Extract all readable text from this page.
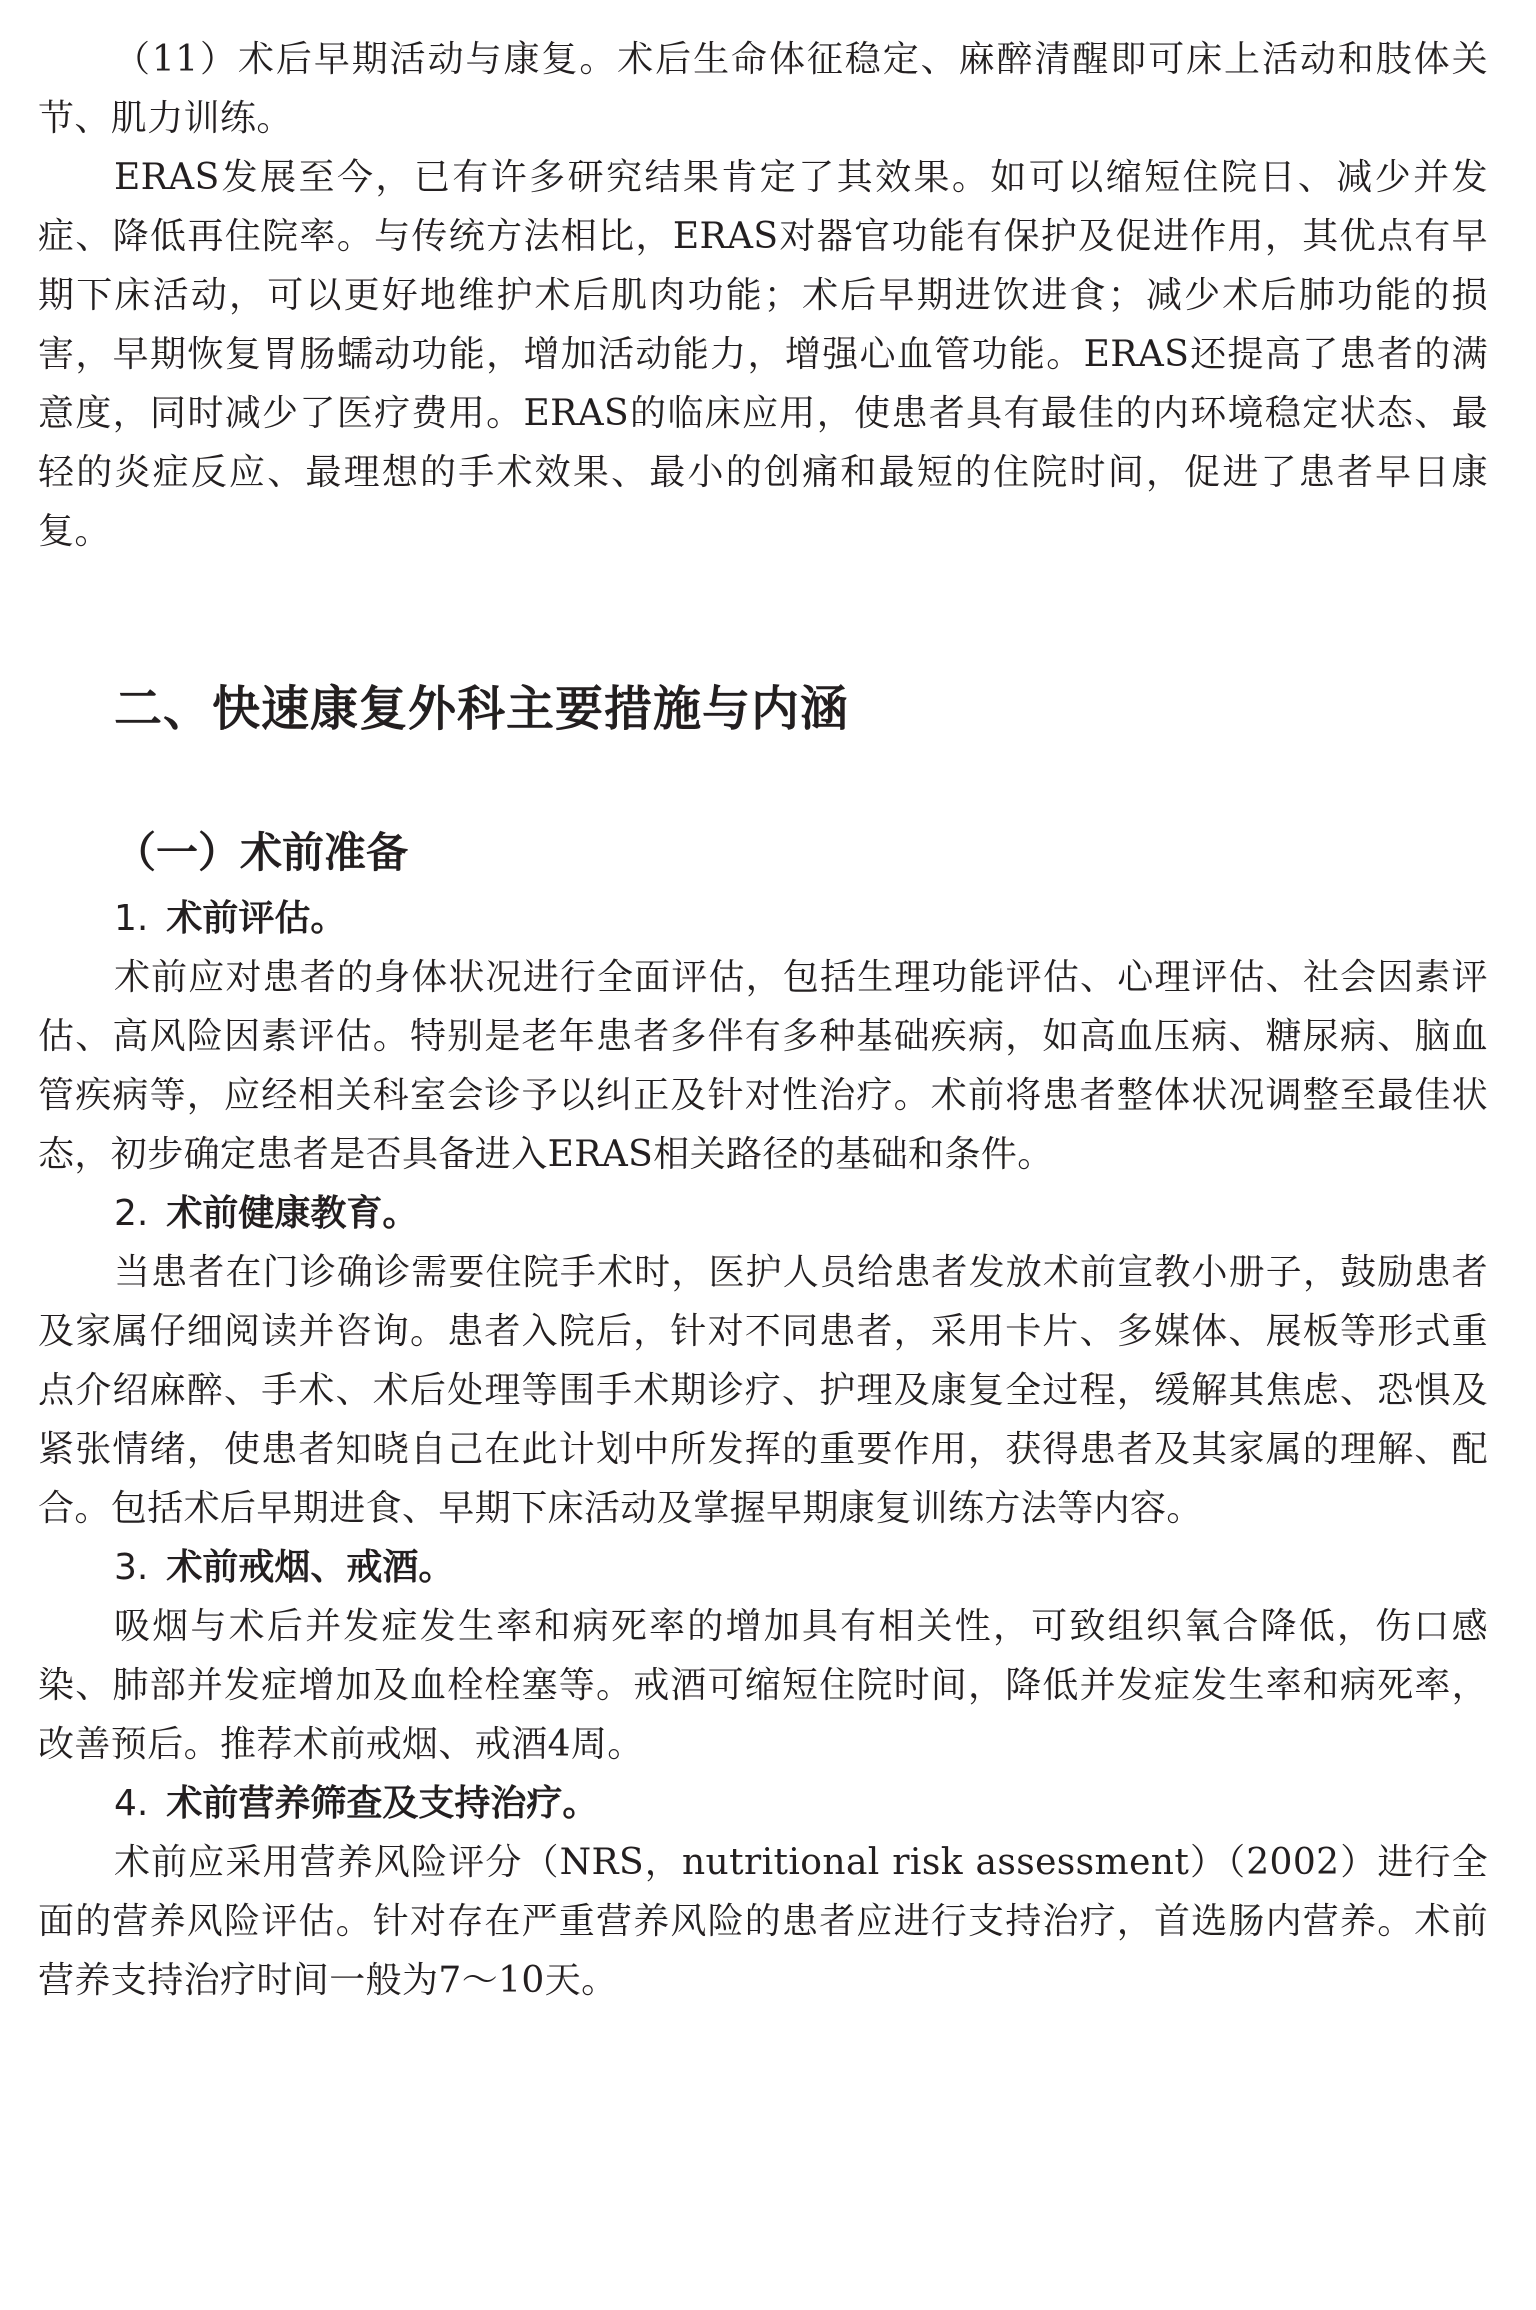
（11）术后早期活动与康复。术后生命体征稳定、麻醉清醒即可床上活动和肢体关节、肌力训练。

ERAS发展至今，已有许多研究结果肯定了其效果。如可以缩短住院日、减少并发症、降低再住院率。与传统方法相比，ERAS对器官功能有保护及促进作用，其优点有早期下床活动，可以更好地维护术后肌肉功能；术后早期进饮进食；减少术后肺功能的损害，早期恢复胃肠蠕动功能，增加活动能力，增强心血管功能。ERAS还提高了患者的满意度，同时减少了医疗费用。ERAS的临床应用，使患者具有最佳的内环境稳定状态、最轻的炎症反应、最理想的手术效果、最小的创痛和最短的住院时间，促进了患者早日康复。

二、快速康复外科主要措施与内涵
（一）术前准备
1. 术前评估。

术前应对患者的身体状况进行全面评估，包括生理功能评估、心理评估、社会因素评估、高风险因素评估。特别是老年患者多伴有多种基础疾病，如高血压病、糖尿病、脑血管疾病等，应经相关科室会诊予以纠正及针对性治疗。术前将患者整体状况调整至最佳状态，初步确定患者是否具备进入ERAS相关路径的基础和条件。

2. 术前健康教育。

当患者在门诊确诊需要住院手术时，医护人员给患者发放术前宣教小册子，鼓励患者及家属仔细阅读并咨询。患者入院后，针对不同患者，采用卡片、多媒体、展板等形式重点介绍麻醉、手术、术后处理等围手术期诊疗、护理及康复全过程，缓解其焦虑、恐惧及紧张情绪，使患者知晓自己在此计划中所发挥的重要作用，获得患者及其家属的理解、配合。包括术后早期进食、早期下床活动及掌握早期康复训练方法等内容。

3. 术前戒烟、戒酒。

吸烟与术后并发症发生率和病死率的增加具有相关性，可致组织氧合降低，伤口感染、肺部并发症增加及血栓栓塞等。戒酒可缩短住院时间，降低并发症发生率和病死率，改善预后。推荐术前戒烟、戒酒4周。

4. 术前营养筛查及支持治疗。

术前应采用营养风险评分（NRS，nutritional risk assessment）（2002）进行全面的营养风险评估。针对存在严重营养风险的患者应进行支持治疗，首选肠内营养。术前营养支持治疗时间一般为7～10天。
